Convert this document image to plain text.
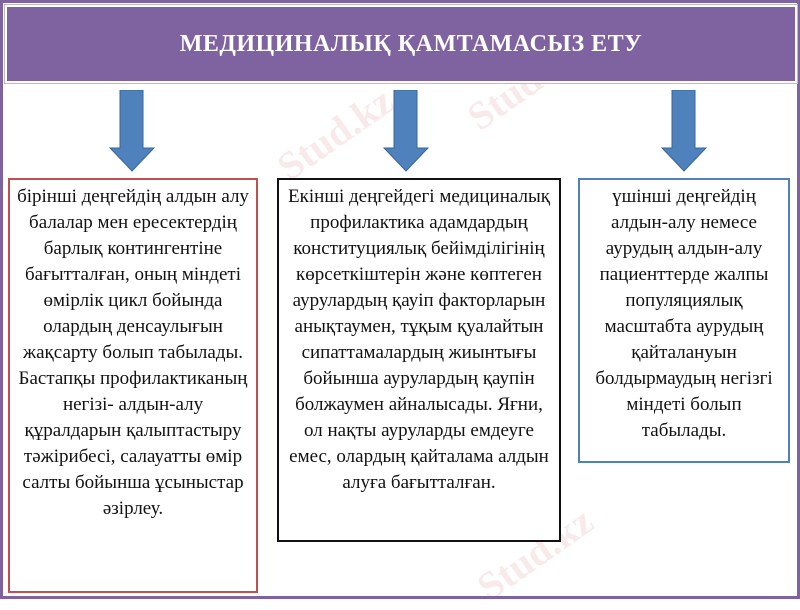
Stud.kz Stud.kz
Stud.kz
МЕДИЦИНАЛЫҚ ҚАМТАМАСЫЗ ЕТУ
бірінші деңгейдің алдын алу балалар мен ересектердің барлық контингентіне бағытталған, оның міндеті өмірлік цикл бойында олардың денсаулығын жақсарту болып табылады. Бастапқы профилактиканың негізі- алдын-алу құралдарын қалыптастыру тәжірибесі, салауатты өмір салты бойынша ұсыныстар әзірлеу.
Екінші деңгейдегі медициналық профилактика адамдардың конституциялық бейімділігінің көрсеткіштерін және көптеген аурулардың қауіп факторларын анықтаумен, тұқым қуалайтын сипаттамалардың жиынтығы бойынша аурулардың қаупін болжаумен айналысады. Яғни, ол нақты ауруларды емдеуге емес, олардың қайталама алдын алуға бағытталған.
үшінші деңгейдің алдын-алу немесе аурудың алдын-алу пациенттерде жалпы популяциялық масштабта аурудың қайталануын болдырмаудың негізгі міндеті болып табылады.
